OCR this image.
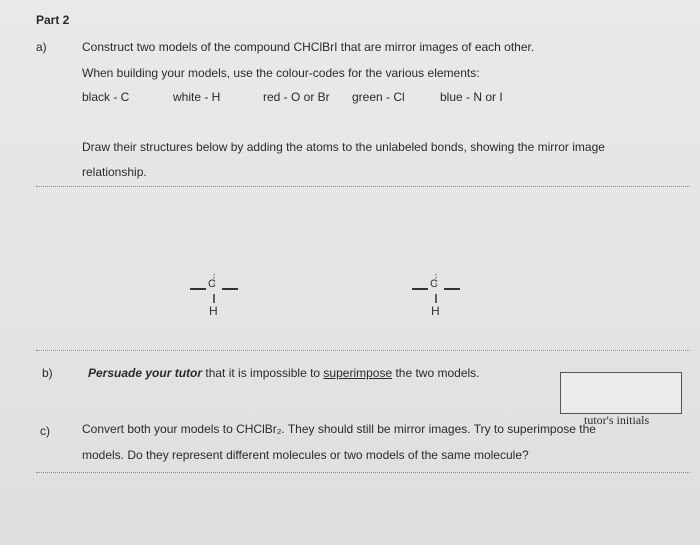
Part 2
a)	Construct two models of the compound CHClBrI that are mirror images of each other.
When building your models, use the colour-codes for the various elements:
black - C	white - H	red - O or Br green - Cl	blue - N or I
Draw their structures below by adding the atoms to the unlabeled bonds, showing the mirror image
relationship.
C
H
C
H
b)	Persuade your tutor that it is impossible to superimpose the two models.
tutor's initials
c)	Convert both your models to CHClBr₂. They should still be mirror images. Try to superimpose the
models. Do they represent different molecules or two models of the same molecule?
